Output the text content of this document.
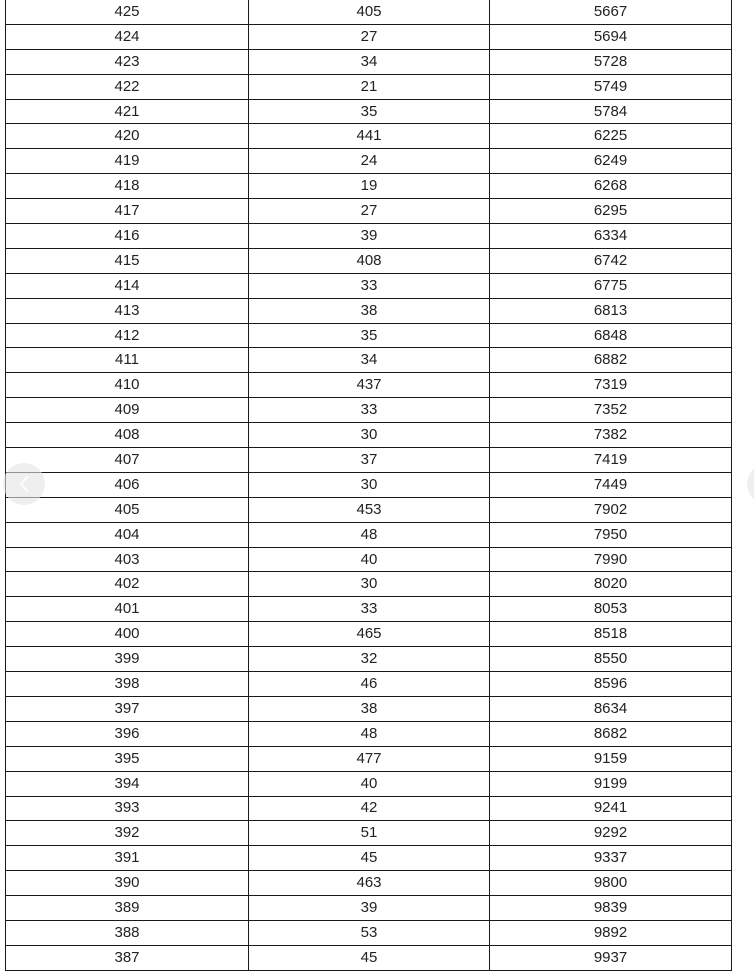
425	405	5667
424	27	5694
423	34	5728
422	21	5749
421	35	5784
420	441	6225
419	24	6249
418	19	6268
417	27	6295
416	39	6334
415	408	6742
414	33	6775
413	38	6813
412	35	6848
411	34	6882
410	437	7319
409	33	7352
408	30	7382
407	37	7419
406	30	7449
405	453	7902
404	48	7950
403	40	7990
402	30	8020
401	33	8053
400	465	8518
399	32	8550
398	46	8596
397	38	8634
396	48	8682
395	477	9159
394	40	9199
393	42	9241
392	51	9292
391	45	9337
390	463	9800
389	39	9839
388	53	9892
387	45	9937
